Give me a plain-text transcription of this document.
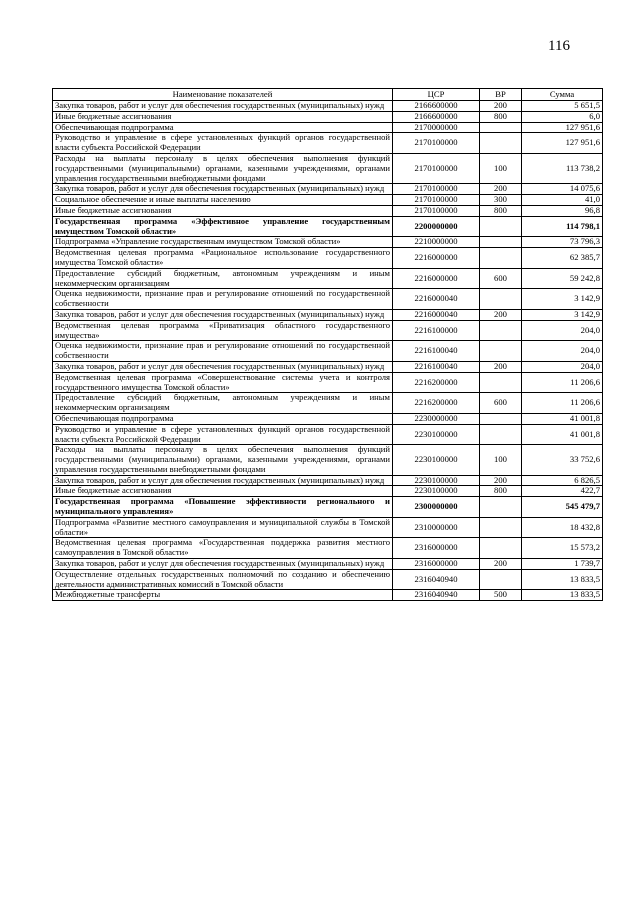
116
Наименование показателей	ЦСР	ВР	Сумма
Закупка товаров, работ и услуг для обеспечения государственных (муниципальных) нужд	2166600000	200	5 651,5
Иные бюджетные ассигнования	2166600000	800	6,0
Обеспечивающая подпрограмма	2170000000		127 951,6
Руководство и управление в сфере установленных функций органов государственной власти субъекта Российской Федерации	2170100000		127 951,6
Расходы на выплаты персоналу в целях обеспечения выполнения функций государственными (муниципальными) органами, казенными учреждениями, органами управления государственными внебюджетными фондами	2170100000	100	113 738,2
Закупка товаров, работ и услуг для обеспечения государственных (муниципальных) нужд	2170100000	200	14 075,6
Социальное обеспечение и иные выплаты населению	2170100000	300	41,0
Иные бюджетные ассигнования	2170100000	800	96,8
Государственная программа «Эффективное управление государственным имуществом Томской области»	2200000000		114 798,1
Подпрограмма «Управление государственным имуществом Томской области»	2210000000		73 796,3
Ведомственная целевая программа «Рациональное использование государственного имущества Томской области»	2216000000		62 385,7
Предоставление субсидий бюджетным, автономным учреждениям и иным некоммерческим организациям	2216000000	600	59 242,8
Оценка недвижимости, признание прав и регулирование отношений по государственной собственности	2216000040		3 142,9
Закупка товаров, работ и услуг для обеспечения государственных (муниципальных) нужд	2216000040	200	3 142,9
Ведомственная целевая программа «Приватизация областного государственного имущества»	2216100000		204,0
Оценка недвижимости, признание прав и регулирование отношений по государственной собственности	2216100040		204,0
Закупка товаров, работ и услуг для обеспечения государственных (муниципальных) нужд	2216100040	200	204,0
Ведомственная целевая программа «Совершенствование системы учета и контроля государственного имущества Томской области»	2216200000		11 206,6
Предоставление субсидий бюджетным, автономным учреждениям и иным некоммерческим организациям	2216200000	600	11 206,6
Обеспечивающая подпрограмма	2230000000		41 001,8
Руководство и управление в сфере установленных функций органов государственной власти субъекта Российской Федерации	2230100000		41 001,8
Расходы на выплаты персоналу в целях обеспечения выполнения функций государственными (муниципальными) органами, казенными учреждениями, органами управления государственными внебюджетными фондами	2230100000	100	33 752,6
Закупка товаров, работ и услуг для обеспечения государственных (муниципальных) нужд	2230100000	200	6 826,5
Иные бюджетные ассигнования	2230100000	800	422,7
Государственная программа «Повышение эффективности регионального и муниципального управления»	2300000000		545 479,7
Подпрограмма «Развитие местного самоуправления и муниципальной службы в Томской области»	2310000000		18 432,8
Ведомственная целевая программа «Государственная поддержка развития местного самоуправления в Томской области»	2316000000		15 573,2
Закупка товаров, работ и услуг для обеспечения государственных (муниципальных) нужд	2316000000	200	1 739,7
Осуществление отдельных государственных полномочий по созданию и обеспечению деятельности административных комиссий в Томской области	2316040940		13 833,5
Межбюджетные трансферты	2316040940	500	13 833,5
